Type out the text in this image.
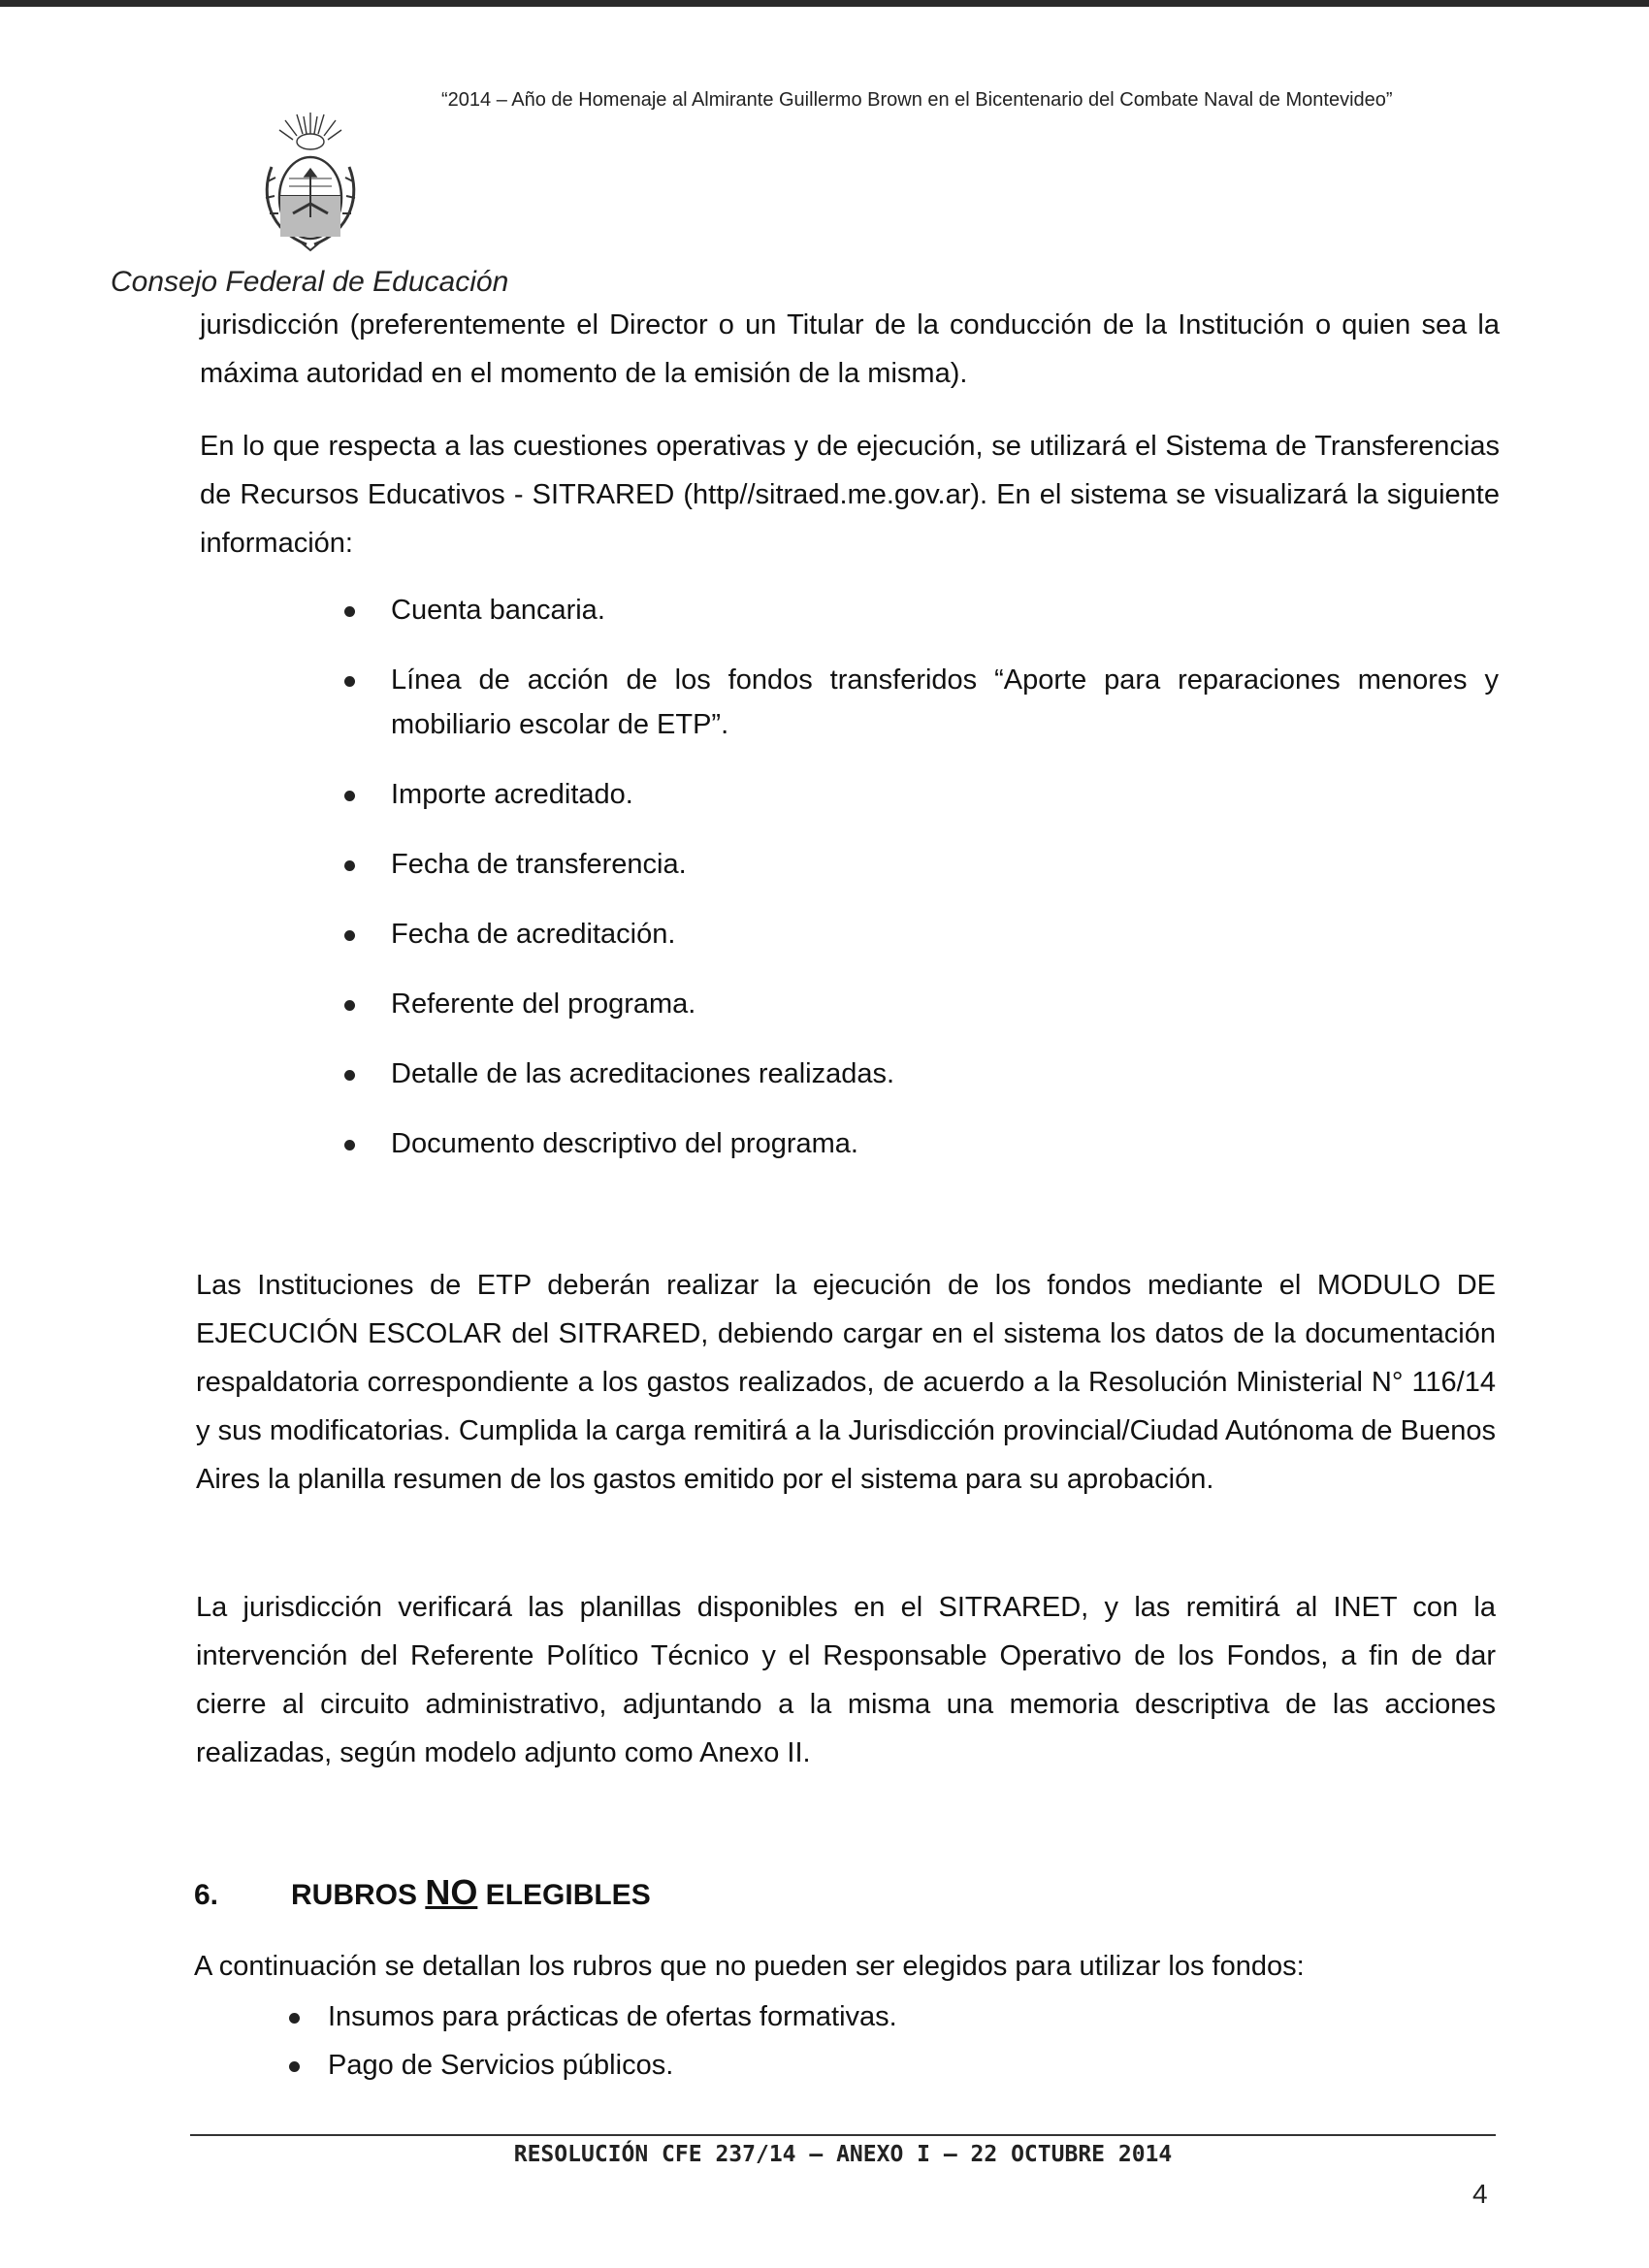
“2014 – Año de Homenaje al Almirante Guillermo Brown en el Bicentenario del Combate Naval de Montevideo”
Consejo Federal de Educación

jurisdicción (preferentemente el Director o un Titular de la conducción de la Institución o quien sea la máxima autoridad en el momento de la emisión de la misma).

En lo que respecta a las cuestiones operativas y de ejecución, se utilizará el Sistema de Transferencias de Recursos Educativos - SITRARED (http//sitraed.me.gov.ar). En el sistema se visualizará la siguiente información:

Cuenta bancaria.
Línea de acción de los fondos transferidos “Aporte para reparaciones menores y mobiliario escolar de ETP”.
Importe acreditado.
Fecha de transferencia.
Fecha de acreditación.
Referente del programa.
Detalle de las acreditaciones realizadas.
Documento descriptivo del programa.

Las Instituciones de ETP deberán realizar la ejecución de los fondos mediante el MODULO DE EJECUCIÓN ESCOLAR del SITRARED, debiendo cargar en el sistema los datos de la documentación respaldatoria correspondiente a los gastos realizados, de acuerdo a la Resolución Ministerial N° 116/14 y sus modificatorias. Cumplida la carga remitirá a la Jurisdicción provincial/Ciudad Autónoma de Buenos Aires la planilla resumen de los gastos emitido por el sistema para su aprobación.

La jurisdicción verificará las planillas disponibles en el SITRARED, y las remitirá al INET con la intervención del Referente Político Técnico y el Responsable Operativo de los Fondos, a fin de dar cierre al circuito administrativo, adjuntando a la misma una memoria descriptiva de las acciones realizadas, según modelo adjunto como Anexo II.

6. RUBROS NO ELEGIBLES

A continuación se detallan los rubros que no pueden ser elegidos para utilizar los fondos:

Insumos para prácticas de ofertas formativas.
Pago de Servicios públicos.
RESOLUCIÓN CFE 237/14 – ANEXO I – 22 OCTUBRE 2014
4
